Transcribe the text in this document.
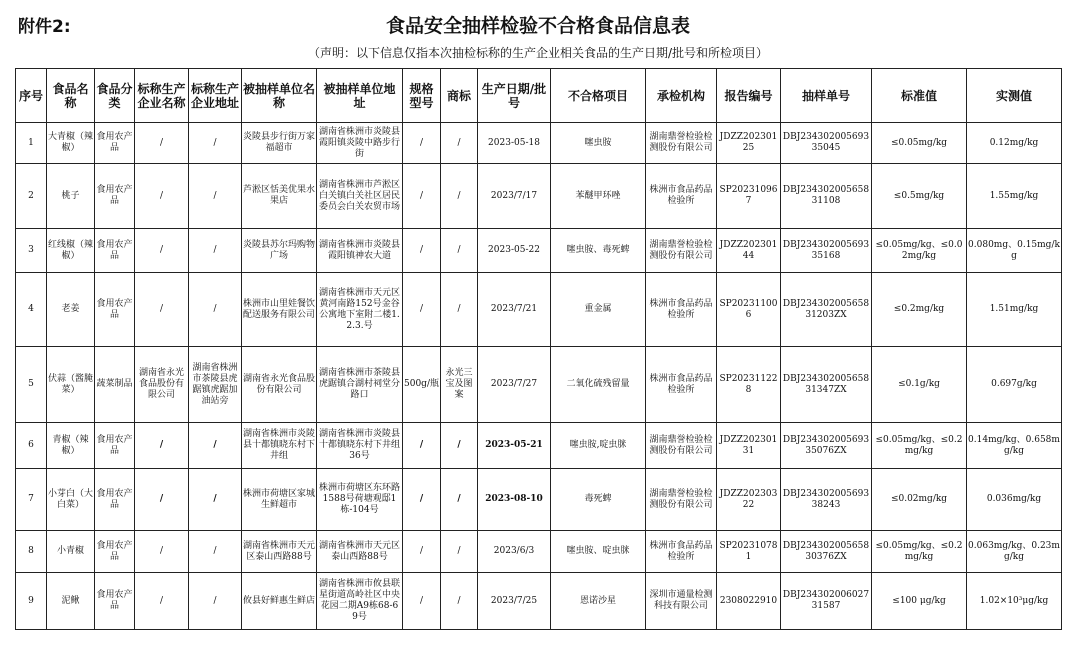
附件2:	食品安全抽样检验不合格食品信息表
（声明：以下信息仅指本次抽检标称的生产企业相关食品的生产日期/批号和所检项目）
序号	食品名称	食品分类	标称生产企业名称	标称生产企业地址	被抽样单位名称	被抽样单位地址	规格型号	商标	生产日期/批号	不合格项目	承检机构	报告编号	抽样单号	标准值	实测值
1	大青椒（辣椒）	食用农产品	/	/	炎陵县步行街万家福超市	湖南省株洲市炎陵县霞阳镇炎陵中路步行街	/	/	2023-05-18	噻虫胺	湖南鼎誉检验检测股份有限公司	JDZZ20230125	DBJ234302005693 35045	≤0.05mg/kg	0.12mg/kg
2	桃子	食用农产品	/	/	芦淞区恬美优果水果店	湖南省株洲市芦淞区白关镇白关社区居民委员会白关农贸市场	/	/	2023/7/17	苯醚甲环唑	株洲市食品药品检验所	SP202310967	DBJ23430200565831108	≤0.5mg/kg	1.55mg/kg
3	红线椒（辣椒）	食用农产品	/	/	炎陵县苏尔玛购物广场	湖南省株洲市炎陵县霞阳镇神农大道	/	/	2023-05-22	噻虫胺、毒死蜱	湖南鼎誉检验检测股份有限公司	JDZZ20230144	DBJ23430200569335168	≤0.05mg/kg、≤0.02mg/kg	0.080mg、0.15mg/kg
4	老姜	食用农产品	/	/	株洲市山里娃餐饮配送服务有限公司	湖南省株洲市天元区黄河南路152号金谷公寓地下室附二楼1.2.3.号	/	/	2023/7/21	重金属	株洲市食品药品检验所	SP202311006	DBJ23430200565831203ZX	≤0.2mg/kg	1.51mg/kg
5	伏蒜（酱腌菜）	蔬菜制品	湖南省永光食品股份有限公司	湖南省株洲市茶陵县虎踞镇虎踞加油站旁	湖南省永光食品股份有限公司	湖南省株洲市茶陵县虎踞镇合湖村祠堂分路口	500g/瓶	永光三宝及图案	2023/7/27	二氧化硫残留量	株洲市食品药品检验所	SP202311228	DBJ23430200565831347ZX	≤0.1g/kg	0.697g/kg
6	青椒（辣椒）	食用农产品	/	/	湖南省株洲市炎陵县十都镇晓东村下井组	湖南省株洲市炎陵县十都镇晓东村下井组36号	/	/	2023-05-21	噻虫胺,啶虫脒	湖南鼎誉检验检测股份有限公司	JDZZ20230131	DBJ23430200569335076ZX	≤0.05mg/kg、≤0.2mg/kg	0.14mg/kg、0.658mg/kg
7	小芽白（大白菜）	食用农产品	/	/	株洲市荷塘区家城生鲜超市	株洲市荷塘区东环路1588号荷塘观邸1栋-104号	/	/	2023-08-10	毒死蜱	湖南鼎誉检验检测股份有限公司	JDZZ20230322	DBJ23430200569338243	≤0.02mg/kg	0.036mg/kg
8	小青椒	食用农产品	/	/	湖南省株洲市天元区泰山西路88号	湖南省株洲市天元区泰山西路88号	/	/	2023/6/3	噻虫胺、啶虫脒	株洲市食品药品检验所	SP202310781	DBJ23430200565830376ZX	≤0.05mg/kg、≤0.2mg/kg	0.063mg/kg、0.23mg/kg
9	泥鳅	食用农产品	/	/	攸县好鲜惠生鲜店	湖南省株洲市攸县联星街道高岭社区中央花园二期A9栋68-69号	/	/	2023/7/25	恩诺沙星	深圳市通量检测科技有限公司	2308022910	DBJ23430200602731587	≤100 μg/kg	1.02×10³μg/kg
